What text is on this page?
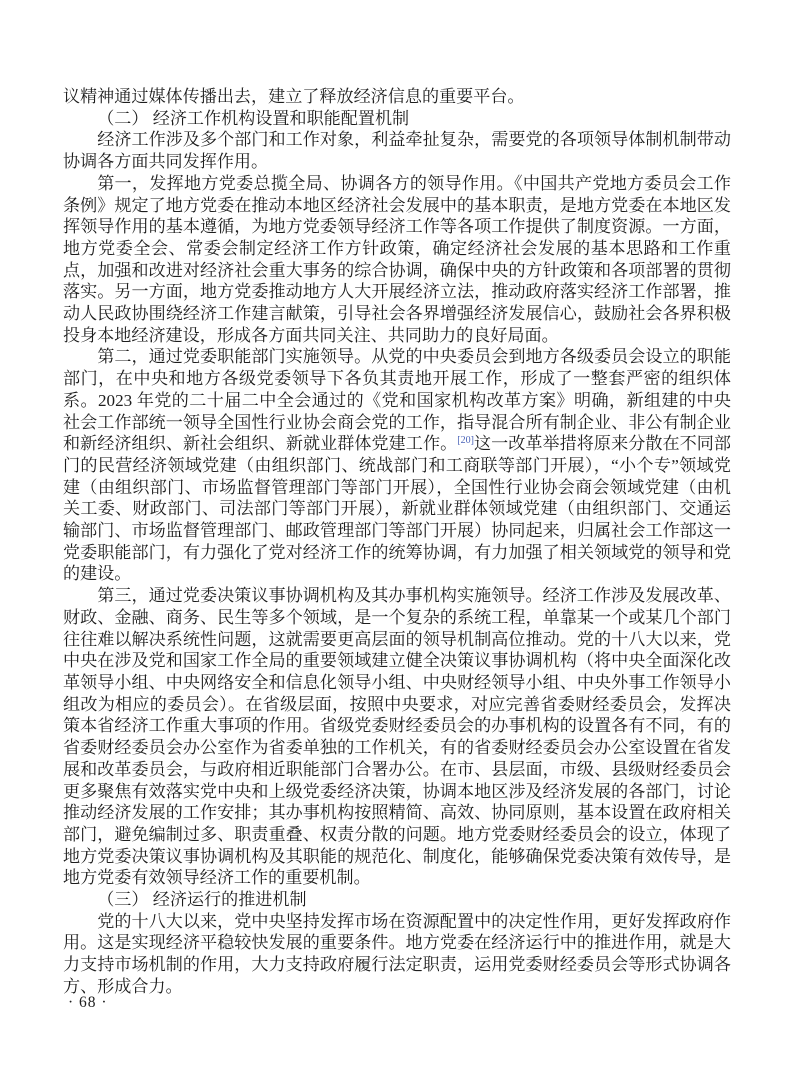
议精神通过媒体传播出去，建立了释放经济信息的重要平台。

（二） 经济工作机构设置和职能配置机制

经济工作涉及多个部门和工作对象，利益牵扯复杂，需要党的各项领导体制机制带动协调各方面共同发挥作用。

第一，发挥地方党委总揽全局、协调各方的领导作用。《中国共产党地方委员会工作条例》规定了地方党委在推动本地区经济社会发展中的基本职责，是地方党委在本地区发挥领导作用的基本遵循，为地方党委领导经济工作等各项工作提供了制度资源。一方面，地方党委全会、常委会制定经济工作方针政策，确定经济社会发展的基本思路和工作重点，加强和改进对经济社会重大事务的综合协调，确保中央的方针政策和各项部署的贯彻落实。另一方面，地方党委推动地方人大开展经济立法，推动政府落实经济工作部署，推动人民政协围绕经济工作建言献策，引导社会各界增强经济发展信心，鼓励社会各界积极投身本地经济建设，形成各方面共同关注、共同助力的良好局面。

第二，通过党委职能部门实施领导。从党的中央委员会到地方各级委员会设立的职能部门，在中央和地方各级党委领导下各负其责地开展工作，形成了一整套严密的组织体系。2023 年党的二十届二中全会通过的《党和国家机构改革方案》明确，新组建的中央社会工作部统一领导全国性行业协会商会党的工作，指导混合所有制企业、非公有制企业和新经济组织、新社会组织、新就业群体党建工作。[20]这一改革举措将原来分散在不同部门的民营经济领域党建（由组织部门、统战部门和工商联等部门开展），“小个专”领域党建（由组织部门、市场监督管理部门等部门开展），全国性行业协会商会领域党建（由机关工委、财政部门、司法部门等部门开展），新就业群体领域党建（由组织部门、交通运输部门、市场监督管理部门、邮政管理部门等部门开展）协同起来，归属社会工作部这一党委职能部门，有力强化了党对经济工作的统筹协调，有力加强了相关领域党的领导和党的建设。

第三，通过党委决策议事协调机构及其办事机构实施领导。经济工作涉及发展改革、财政、金融、商务、民生等多个领域，是一个复杂的系统工程，单靠某一个或某几个部门往往难以解决系统性问题，这就需要更高层面的领导机制高位推动。党的十八大以来，党中央在涉及党和国家工作全局的重要领域建立健全决策议事协调机构（将中央全面深化改革领导小组、中央网络安全和信息化领导小组、中央财经领导小组、中央外事工作领导小组改为相应的委员会）。在省级层面，按照中央要求，对应完善省委财经委员会，发挥决策本省经济工作重大事项的作用。省级党委财经委员会的办事机构的设置各有不同，有的省委财经委员会办公室作为省委单独的工作机关，有的省委财经委员会办公室设置在省发展和改革委员会，与政府相近职能部门合署办公。在市、县层面，市级、县级财经委员会更多聚焦有效落实党中央和上级党委经济决策，协调本地区涉及经济发展的各部门，讨论推动经济发展的工作安排；其办事机构按照精简、高效、协同原则，基本设置在政府相关部门，避免编制过多、职责重叠、权责分散的问题。地方党委财经委员会的设立，体现了地方党委决策议事协调机构及其职能的规范化、制度化，能够确保党委决策有效传导，是地方党委有效领导经济工作的重要机制。

（三） 经济运行的推进机制

党的十八大以来，党中央坚持发挥市场在资源配置中的决定性作用，更好发挥政府作用。这是实现经济平稳较快发展的重要条件。地方党委在经济运行中的推进作用，就是大力支持市场机制的作用，大力支持政府履行法定职责，运用党委财经委员会等形式协调各方、形成合力。

· 68 ·
